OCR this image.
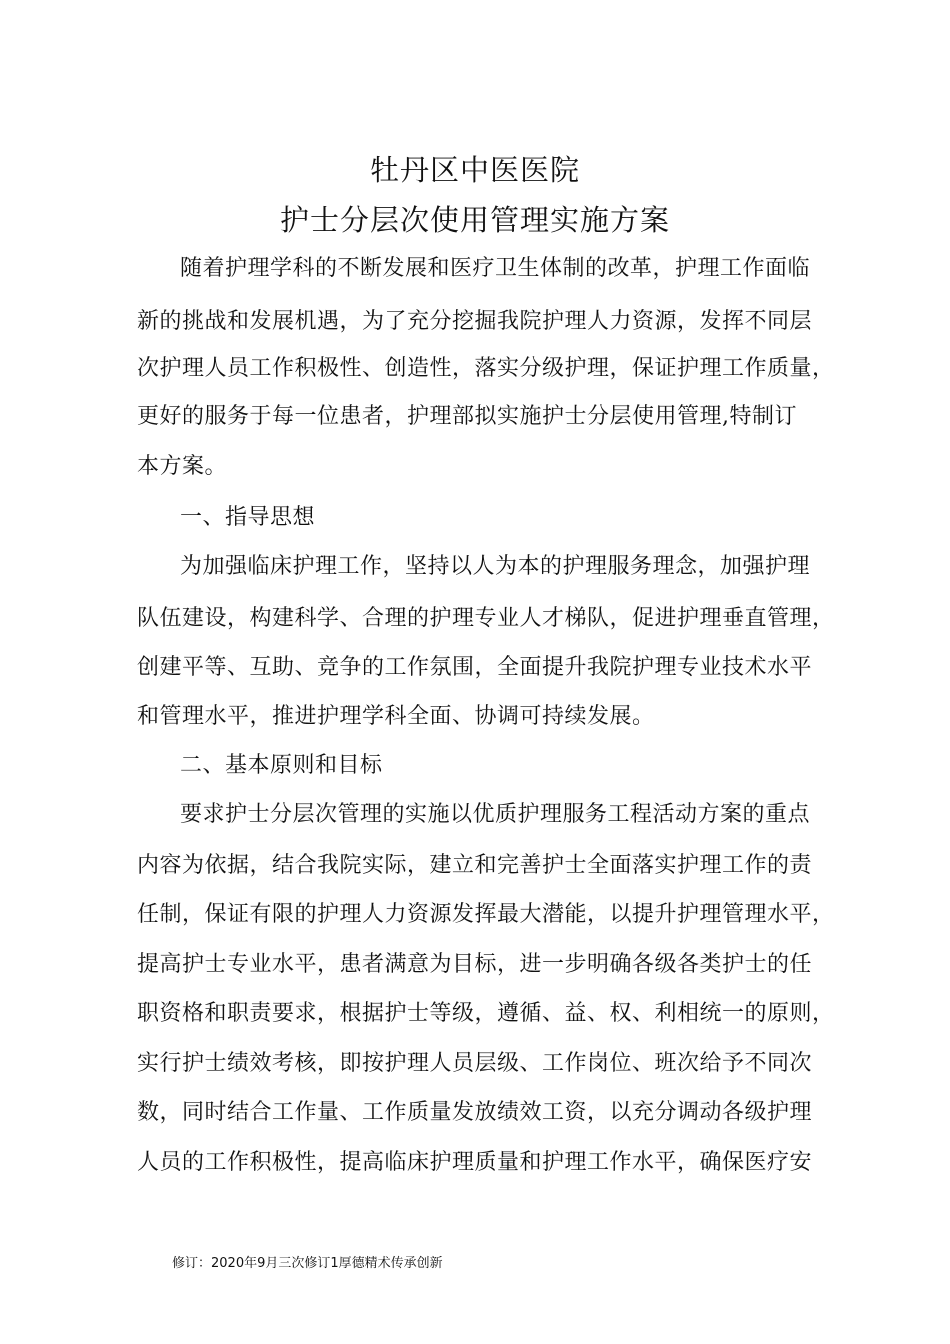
牡丹区中医医院
护士分层次使用管理实施方案
随着护理学科的不断发展和医疗卫生体制的改革，护理工作面临
新的挑战和发展机遇，为了充分挖掘我院护理人力资源，发挥不同层
次护理人员工作积极性、创造性，落实分级护理，保证护理工作质量，
更好的服务于每一位患者，护理部拟实施护士分层使用管理,特制订
本方案。
一、指导思想
为加强临床护理工作，坚持以人为本的护理服务理念，加强护理
队伍建设，构建科学、合理的护理专业人才梯队，促进护理垂直管理，
创建平等、互助、竞争的工作氛围，全面提升我院护理专业技术水平
和管理水平，推进护理学科全面、协调可持续发展。
二、基本原则和目标
要求护士分层次管理的实施以优质护理服务工程活动方案的重点
内容为依据，结合我院实际，建立和完善护士全面落实护理工作的责
任制，保证有限的护理人力资源发挥最大潜能，以提升护理管理水平，
提高护士专业水平，患者满意为目标，进一步明确各级各类护士的任
职资格和职责要求，根据护士等级，遵循、益、权、利相统一的原则，
实行护士绩效考核，即按护理人员层级、工作岗位、班次给予不同次
数，同时结合工作量、工作质量发放绩效工资，以充分调动各级护理
人员的工作积极性，提高临床护理质量和护理工作水平，确保医疗安
修订：2020年9月三次修订1厚德精术传承创新
